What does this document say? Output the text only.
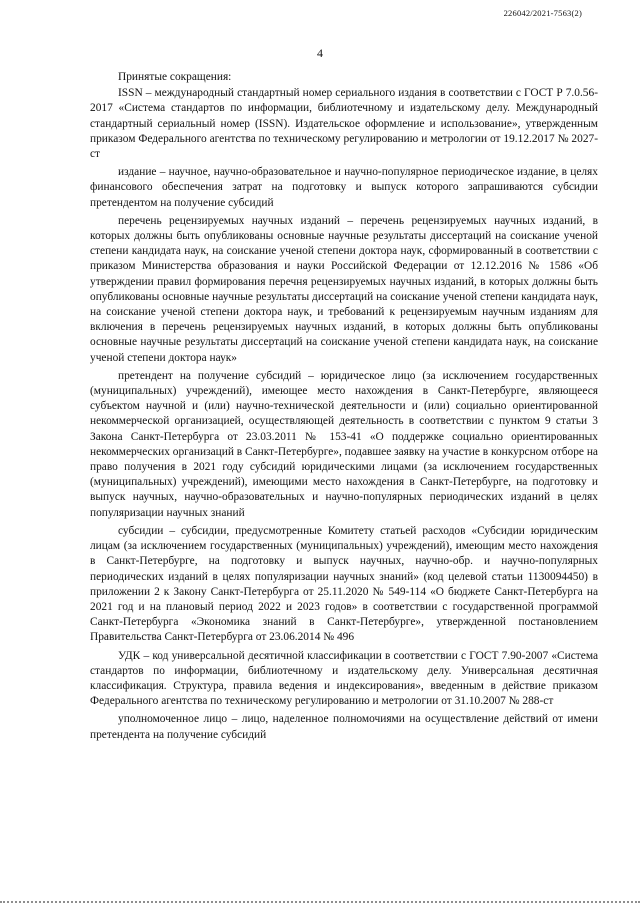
226042/2021-7563(2)
4

Принятые сокращения:

ISSN – международный стандартный номер сериального издания в соответствии с ГОСТ Р 7.0.56-2017 «Система стандартов по информации, библиотечному и издательскому делу. Международный стандартный сериальный номер (ISSN). Издательское оформление и использование», утвержденным приказом Федерального агентства по техническому регулированию и метрологии от 19.12.2017 № 2027-ст

издание – научное, научно-образовательное и научно-популярное периодическое издание, в целях финансового обеспечения затрат на подготовку и выпуск которого запрашиваются субсидии претендентом на получение субсидий

перечень рецензируемых научных изданий – перечень рецензируемых научных изданий, в которых должны быть опубликованы основные научные результаты диссертаций на соискание ученой степени кандидата наук, на соискание ученой степени доктора наук, сформированный в соответствии с приказом Министерства образования и науки Российской Федерации от 12.12.2016 № 1586 «Об утверждении правил формирования перечня рецензируемых научных изданий, в которых должны быть опубликованы основные научные результаты диссертаций на соискание ученой степени кандидата наук, на соискание ученой степени доктора наук, и требований к рецензируемым научным изданиям для включения в перечень рецензируемых научных изданий, в которых должны быть опубликованы основные научные результаты диссертаций на соискание ученой степени кандидата наук, на соискание ученой степени доктора наук»

претендент на получение субсидий – юридическое лицо (за исключением государственных (муниципальных) учреждений), имеющее место нахождения в Санкт-Петербурге, являющееся субъектом научной и (или) научно-технической деятельности и (или) социально ориентированной некоммерческой организацией, осуществляющей деятельность в соответствии с пунктом 9 статьи 3 Закона Санкт-Петербурга от 23.03.2011 № 153-41 «О поддержке социально ориентированных некоммерческих организаций в Санкт-Петербурге», подавшее заявку на участие в конкурсном отборе на право получения в 2021 году субсидий юридическими лицами (за исключением государственных (муниципальных) учреждений), имеющими место нахождения в Санкт-Петербурге, на подготовку и выпуск научных, научно-образовательных и научно-популярных периодических изданий в целях популяризации научных знаний

субсидии – субсидии, предусмотренные Комитету статьей расходов «Субсидии юридическим лицам (за исключением государственных (муниципальных) учреждений), имеющим место нахождения в Санкт-Петербурге, на подготовку и выпуск научных, научно-обр. и научно-популярных периодических изданий в целях популяризации научных знаний» (код целевой статьи 1130094450) в приложении 2 к Закону Санкт-Петербурга от 25.11.2020 № 549-114 «О бюджете Санкт-Петербурга на 2021 год и на плановый период 2022 и 2023 годов» в соответствии с государственной программой Санкт-Петербурга «Экономика знаний в Санкт-Петербурге», утвержденной постановлением Правительства Санкт-Петербурга от 23.06.2014 № 496

УДК – код универсальной десятичной классификации в соответствии с ГОСТ 7.90-2007 «Система стандартов по информации, библиотечному и издательскому делу. Универсальная десятичная классификация. Структура, правила ведения и индексирования», введенным в действие приказом Федерального агентства по техническому регулированию и метрологии от 31.10.2007 № 288-ст

уполномоченное лицо – лицо, наделенное полномочиями на осуществление действий от имени претендента на получение субсидий
